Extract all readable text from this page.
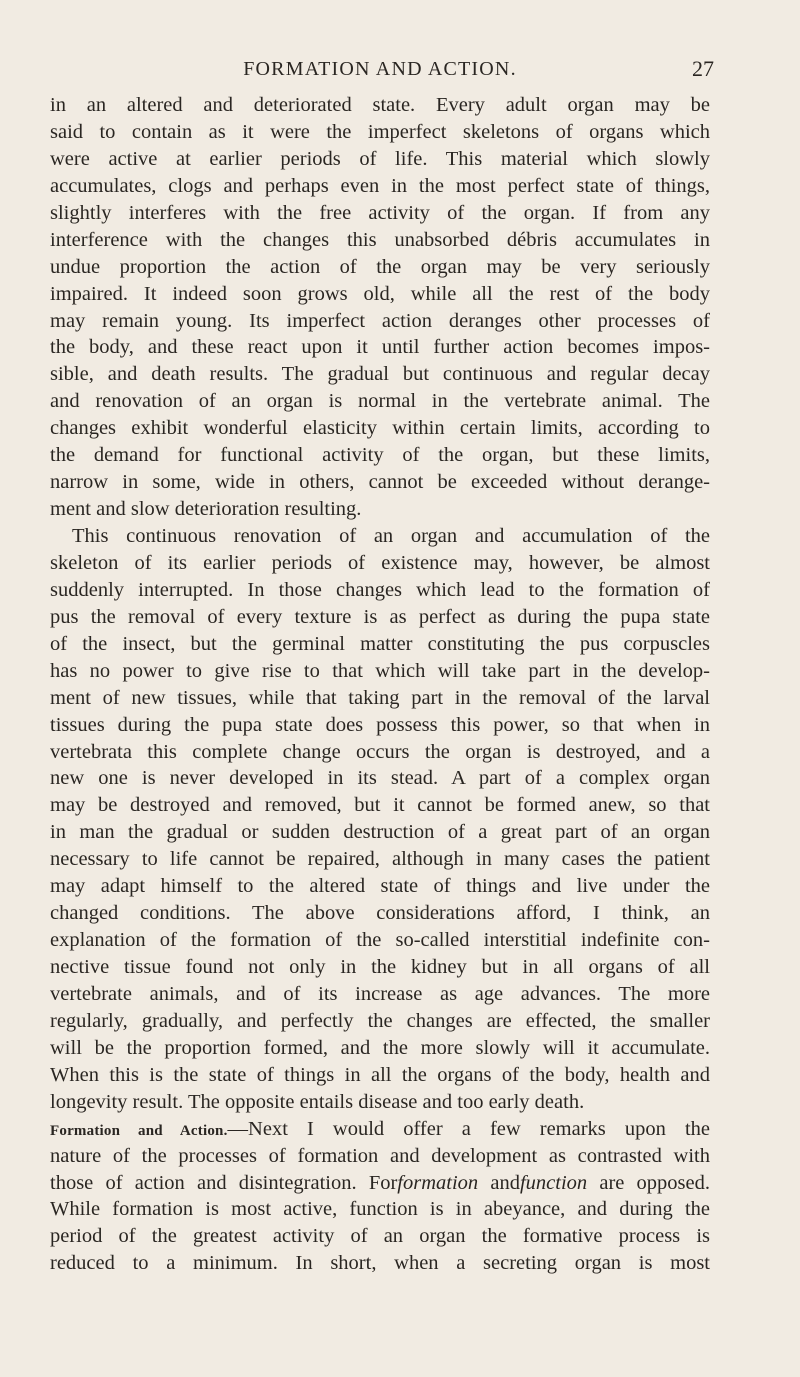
FORMATION AND ACTION.	27
in an altered and deteriorated state. Every adult organ may be
said to contain as it were the imperfect skeletons of organs which
were active at earlier periods of life. This material which slowly
accumulates, clogs and perhaps even in the most perfect state of things,
slightly interferes with the free activity of the organ. If from any
interference with the changes this unabsorbed débris accumulates in
undue proportion the action of the organ may be very seriously
impaired. It indeed soon grows old, while all the rest of the body
may remain young. Its imperfect action deranges other processes of
the body, and these react upon it until further action becomes impos-
sible, and death results. The gradual but continuous and regular decay
and renovation of an organ is normal in the vertebrate animal. The
changes exhibit wonderful elasticity within certain limits, according to
the demand for functional activity of the organ, but these limits,
narrow in some, wide in others, cannot be exceeded without derange-
ment and slow deterioration resulting.
This continuous renovation of an organ and accumulation of the
skeleton of its earlier periods of existence may, however, be almost
suddenly interrupted. In those changes which lead to the formation of
pus the removal of every texture is as perfect as during the pupa state
of the insect, but the germinal matter constituting the pus corpuscles
has no power to give rise to that which will take part in the develop-
ment of new tissues, while that taking part in the removal of the larval
tissues during the pupa state does possess this power, so that when in
vertebrata this complete change occurs the organ is destroyed, and a
new one is never developed in its stead. A part of a complex organ
may be destroyed and removed, but it cannot be formed anew, so that
in man the gradual or sudden destruction of a great part of an organ
necessary to life cannot be repaired, although in many cases the patient
may adapt himself to the altered state of things and live under the
changed conditions. The above considerations afford, I think, an
explanation of the formation of the so-called interstitial indefinite con-
nective tissue found not only in the kidney but in all organs of all
vertebrate animals, and of its increase as age advances. The more
regularly, gradually, and perfectly the changes are effected, the smaller
will be the proportion formed, and the more slowly will it accumulate.
When this is the state of things in all the organs of the body, health and
longevity result. The opposite entails disease and too early death.
Formation and Action.—Next I would offer a few remarks upon the
nature of the processes of formation and development as contrasted with
those of action and disintegration. Forformation andfunction are opposed.
While formation is most active, function is in abeyance, and during the
period of the greatest activity of an organ the formative process is
reduced to a minimum. In short, when a secreting organ is most
